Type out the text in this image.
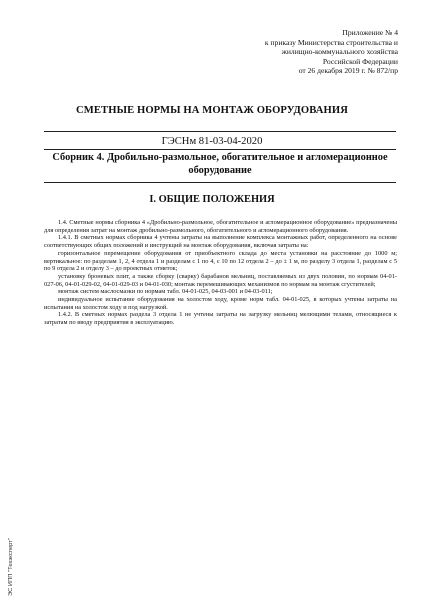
Приложение № 4
к приказу Министерства строительства и
жилищно-коммунального хозяйства
Российской Федерации
от 26 декабря 2019 г. № 872/пр
СМЕТНЫЕ НОРМЫ НА МОНТАЖ ОБОРУДОВАНИЯ
ГЭСНм 81-03-04-2020
Сборник 4. Дробильно-размольное, обогатительное и агломерационное
оборудование
I. ОБЩИЕ ПОЛОЖЕНИЯ

1.4. Сметные нормы сборника 4 «Дробильно-размольное, обогатительное и агломерационное оборудование» предназначены для определения затрат на монтаж дробильно-размольного, обогатительного и агломерационного оборудования.

1.4.1. В сметных нормах сборника 4 учтены затраты на выполнение комплекса монтажных работ, определенного на основе соответствующих общих положений и инструкций на монтаж оборудования, включая затраты на:

горизонтальное перемещение оборудования от приобъектного склада до места установки на расстояние до 1000 м; вертикальное: по разделам 1, 2, 4 отдела 1 и разделам с 1 по 4, с 10 по 12 отдела 2 – до ± 1 м, по разделу 3 отдела 1, разделам с 5 по 9 отдела 2 и отделу 3 – до проектных отметок;

установку броневых плит, а также сборку (сварку) барабанов мельниц, поставляемых из двух половин, по нормам 04-01-027-06, 04-01-029-02, 04-01-029-03 и 04-01-030; монтаж перемешивающих механизмов по нормам на монтаж сгустителей;

монтаж систем маслосмазки по нормам табл. 04-01-025, 04-03-001 и 04-03-011;

индивидуальное испытание оборудования на холостом ходу, кроме норм табл. 04-01-025, в которых учтены затраты на испытания на холостом ходу и под нагрузкой.

1.4.2. В сметных нормах раздела 3 отдела 1 не учтены затраты на загрузку мельниц мелющими телами, относящиеся к затратам по вводу предприятия в эксплуатацию.

ЭС ИПП "Техэксперт"
